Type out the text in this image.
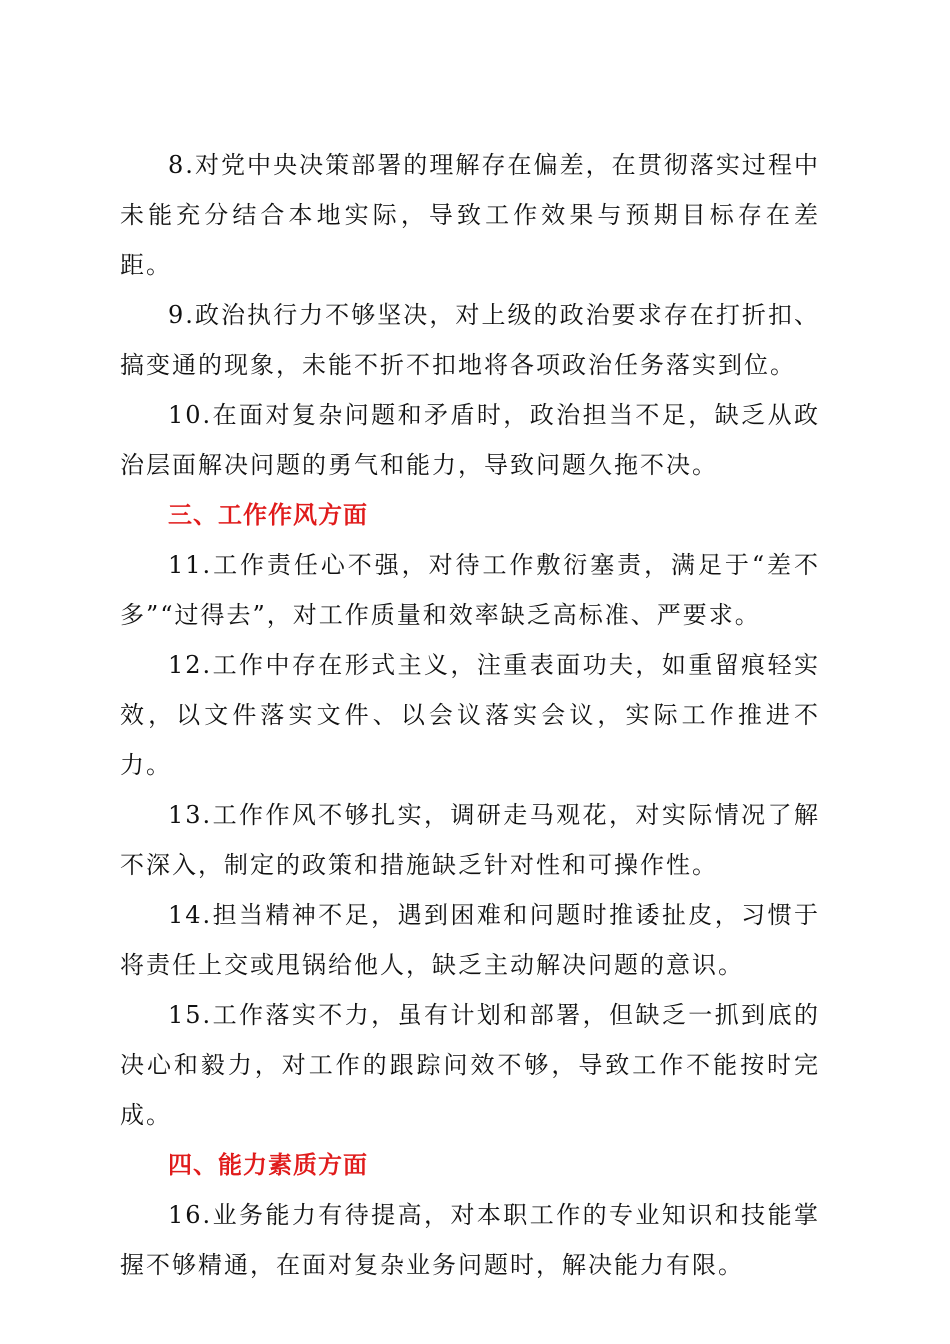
8.对党中央决策部署的理解存在偏差，在贯彻落实过程中未能充分结合本地实际，导致工作效果与预期目标存在差距。

9.政治执行力不够坚决，对上级的政治要求存在打折扣、搞变通的现象，未能不折不扣地将各项政治任务落实到位。

10.在面对复杂问题和矛盾时，政治担当不足，缺乏从政治层面解决问题的勇气和能力，导致问题久拖不决。

三、工作作风方面

11.工作责任心不强，对待工作敷衍塞责，满足于“差不多”“过得去”，对工作质量和效率缺乏高标准、严要求。

12.工作中存在形式主义，注重表面功夫，如重留痕轻实效，以文件落实文件、以会议落实会议，实际工作推进不力。

13.工作作风不够扎实，调研走马观花，对实际情况了解不深入，制定的政策和措施缺乏针对性和可操作性。

14.担当精神不足，遇到困难和问题时推诿扯皮，习惯于将责任上交或甩锅给他人，缺乏主动解决问题的意识。

15.工作落实不力，虽有计划和部署，但缺乏一抓到底的决心和毅力，对工作的跟踪问效不够，导致工作不能按时完成。

四、能力素质方面

16.业务能力有待提高，对本职工作的专业知识和技能掌握不够精通，在面对复杂业务问题时，解决能力有限。
